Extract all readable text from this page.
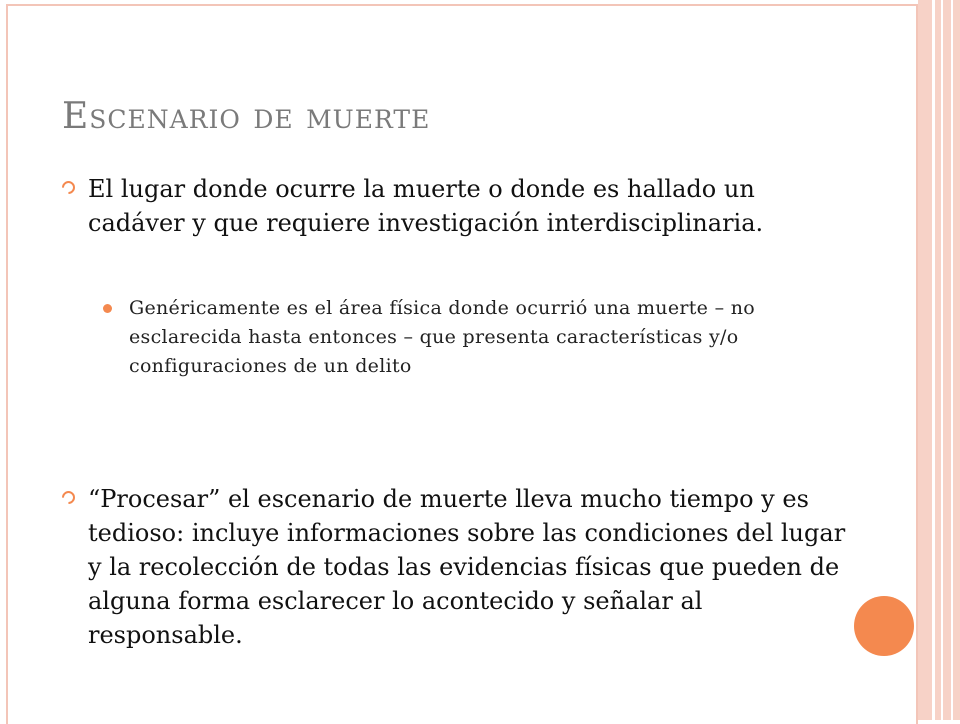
Escenario de muerte
El lugar donde ocurre la muerte o donde es hallado un cadáver y que requiere investigación interdisciplinaria.
Genéricamente es el área física donde ocurrió una muerte – no esclarecida hasta entonces – que presenta características y/o configuraciones de un delito
“Procesar” el escenario de muerte lleva mucho tiempo y es tedioso: incluye informaciones sobre las condiciones del lugar y la recolección de todas las evidencias físicas que pueden de alguna forma esclarecer lo acontecido y señalar al responsable.
